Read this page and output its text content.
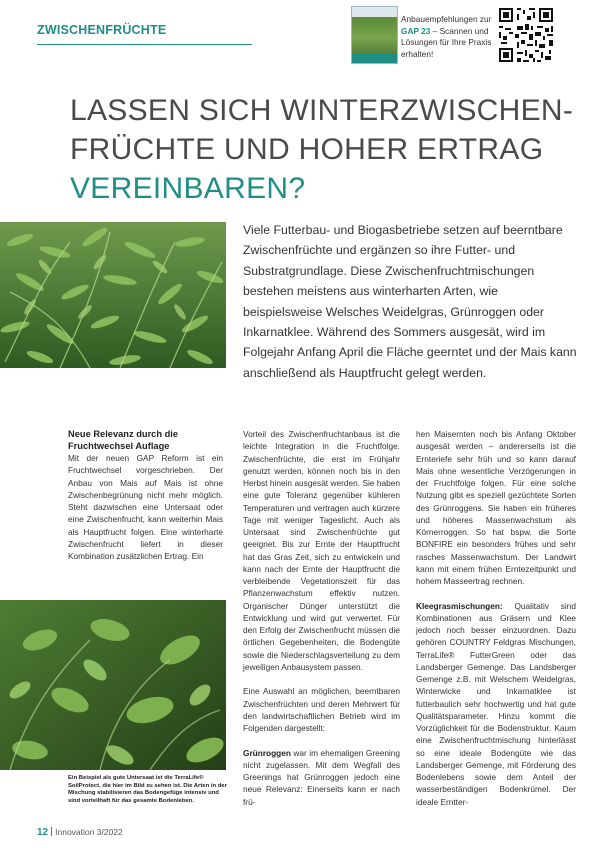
ZWISCHENFRÜCHTE
Anbauempfehlungen zur
GAP 23 – Scannen und Lösungen für Ihre Praxis erhalten!
LASSEN SICH WINTERZWISCHEN-
FRÜCHTE UND HOHER ERTRAG
VEREINBAREN?
Viele Futterbau- und Biogasbetriebe setzen auf beerntbare Zwischenfrüchte und ergänzen so ihre Futter- und Substratgrundlage. Diese Zwischenfruchtmischungen bestehen meistens aus winterharten Arten, wie beispielsweise Welsches Weidelgras, Grünroggen oder Inkarnatklee. Während des Sommers ausgesät, wird im Folgejahr Anfang April die Fläche geerntet und der Mais kann anschließend als Hauptfrucht gelegt werden.
Neue Relevanz durch die Fruchtwechsel Auflage

Mit der neuen GAP Reform ist ein Fruchtwechsel vorgeschrieben. Der Anbau von Mais auf Mais ist ohne Zwischenbegrünung nicht mehr möglich. Steht dazwischen eine Untersaat oder eine Zwischenfrucht, kann weiterhin Mais als Hauptfrucht folgen. Eine winterharte Zwischenfrucht liefert in dieser Kombination zusätzlichen Ertrag. Ein

Ein Beispiel als gute Untersaat ist die TerraLife® SoilProtect, die hier im Bild zu sehen ist. Die Arten in der Mischung stabilisieren das Bodengefüge intensiv und sind vorteilhaft für das gesamte Bodenleben.

Vorteil des Zwischenfruchtanbaus ist die leichte Integration in die Fruchtfolge. Zwischenfrüchte, die erst im Frühjahr genutzt werden, können noch bis in den Herbst hinein ausgesät werden. Sie haben eine gute Toleranz gegenüber kühleren Temperaturen und vertragen auch kürzere Tage mit weniger Tageslicht. Auch als Untersaat sind Zwischenfrüchte gut geeignet. Bis zur Ernte der Hauptfrucht hat das Gras Zeit, sich zu entwickeln und kann nach der Ernte der Hauptfrucht die verbleibende Vegetationszeit für das Pflanzenwachstum effektiv nutzen. Organischer Dünger unterstützt die Entwicklung und wird gut verwertet. Für den Erfolg der Zwischenfrucht müssen die örtlichen Gegebenheiten, die Bodengüte sowie die Niederschlagsverteilung zu dem jeweiligen Anbausystem passen.

Eine Auswahl an möglichen, beerntbaren Zwischenfrüchten und deren Mehrwert für den landwirtschaftlichen Betrieb wird im Folgenden dargestellt:

Grünroggen war im ehemaligen Greening nicht zugelassen. Mit dem Wegfall des Greenings hat Grünroggen jedoch eine neue Relevanz: Einerseits kann er nach frü-

hen Maisernten noch bis Anfang Oktober ausgesät werden – andererseits ist die Ernteriefe sehr früh und so kann darauf Mais ohne wesentliche Verzögerungen in der Fruchtfolge folgen. Für eine solche Nutzung gibt es speziell gezüchtete Sorten des Grünroggens. Sie haben ein früheres und höheres Massenwachstum als Körnerroggen. So hat bspw. die Sorte BONFIRE ein besonders frühes und sehr rasches Massenwachstum. Der Landwirt kann mit einem frühen Erntezeitpunkt und hohem Masseertrag rechnen.

Kleegrasmischungen: Qualitativ sind Kombinationen aus Gräsern und Klee jedoch noch besser einzuordnen. Dazu gehören COUNTRY Feldgras Mischungen, TerraLife® FutterGreen oder das Landsberger Gemenge. Das Landsberger Gemenge z.B. mit Welschem Weidelgras, Winterwicke und Inkarnatklee ist futterbaulich sehr hochwertig und hat gute Qualitätsparameter. Hinzu kommt die Vorzüglichkeit für die Bodenstruktur. Kaum eine Zwischenfruchtmischung hinterlässt so eine ideale Bodengüte wie das Landsberger Gemenge, mit Förderung des Bodenlebens sowie dem Anteil der wasserbeständigen Bodenkrümel. Der ideale Erntter-

12 Innovation 3/2022
